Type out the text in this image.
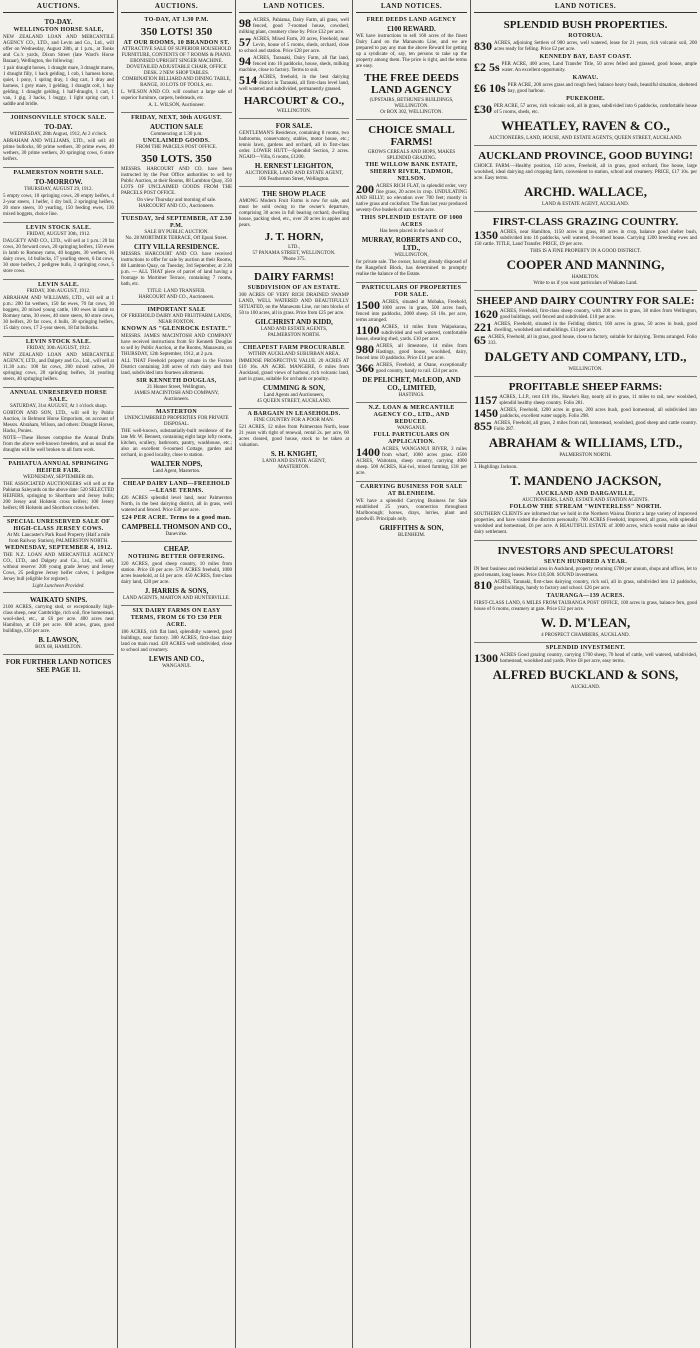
AUCTIONS.
TO-DAY.
WELLINGTON HORSE SALE,
NEW ZEALAND LOAN AND MERCANTILE AGENCY CO., LTD., and Levin and Co., Ltd., will offer on Wednesday, August 28th, at 1 p.m., at Tonks and Co.'s yards, Dixon Street (late Ward's Horse Bazaar), Wellington, the following:
1 pair draught horses, 1 draught mare, 3 draught mares, 1 draught filly, 1 hack gelding, 1 cob, 1 harness horse, quiet, 1 pony, 1 spring dray, 1 dog cart, 1 dray and harness, 1 grey mare, 1 gelding, 1 draught colt, 1 bay gelding, 1 draught gelding, 1 half-draught, 1 cart, 1 van, 1 gig, 3 hacks, 1 buggy, 1 light spring cart, 1 saddle and bridle.
JOHNSONVILLE STOCK SALE.
TO-DAY.
WEDNESDAY, 28th August, 1912, At 2 o'clock.
ABRAHAM AND WILLIAMS, LTD., will sell: 40 prime bullocks, 60 prime wethers, 30 prime ewes, 40 wethers, 30 prime wethers, 20 springing cows, 6 store heifers.
PALMERSTON NORTH SALE.
TO-MORROW.
THURSDAY, AUGUST 29, 1912.
5 empty cows, 10 springing cows, 20 empty heifers, 4 2-year steers, 1 heifer, 1 dry bull, 2 springing heifers, 20 store steers, 10 yearling, 150 feeding ewes, 130 mixed hoggets, choice line.
LEVIN STOCK SALE.
FRIDAY, AUGUST 30th, 1912.
DALGETY AND CO., LTD., will sell at 1 p.m.: 20 fat cows, 20 forward cows, 20 springing heifers, 150 ewes in lamb to Romney rams, 40 hoggets, 30 wethers, 16 dairy cows, 14 bullocks, 17 yearling steers, 6 fat cows, 30 store heifers, 2 pedigree bulls, 3 springing cows, 5 store cows.
LEVIN SALE.
FRIDAY, 30th AUGUST, 1912.
ABRAHAM AND WILLIAMS, LTD., will sell at 1 p.m.: 200 fat wethers, 150 fat ewes, 70 fat cows, 30 hoggets, 20 mixed young cattle, 100 ewes in lamb to Romney rams, 30 ewes, 40 store steers, 60 store cows, 30 heifers, 20 fat cows, 4 bulls, 30 springing heifers, 15 dairy cows, 17 2-year steers, 18 fat bullocks.
LEVIN STOCK SALE.
FRIDAY, 30th AUGUST, 1912.
NEW ZEALAND LOAN AND MERCANTILE AGENCY, LTD., and Dalgety and Co., Ltd., will sell at 11.30 a.m.: 100 fat cows, 200 mixed calves, 20 springing cows, 20 springing heifers, 34 yearling steers, 40 springing heifers.
ANNUAL UNRESERVED HORSE SALE.
SATURDAY, 31st AUGUST, At 1 o'clock sharp.
GORTON AND SON, LTD., will sell by Public Auction, in Belmont Horse Emporium, on account of Messrs. Abraham, Wilson, and others: Draught Horses, Hacks, Ponies.
NOTE—These Horses comprise the Annual Drafts from the above well-known breeders, and as usual the draughts will be well broken to all farm work.
PAHIATUA ANNUAL SPRINGING HEIFER FAIR.
WEDNESDAY, SEPTEMBER 4th.
THE ASSOCIATED AUCTIONEERS will sell at the Pahiatua Saleyards on the above date: 520 SELECTED HEIFERS, springing to Shorthorn and Jersey bulls; 200 Jersey and Holstein cross heifers; 100 Jersey heifers; 80 Holstein and Shorthorn cross heifers.
SPECIAL UNRESERVED SALE OF HIGH-CLASS JERSEY COWS.
At Mr. Lancaster's Park Road Property (Half a mile from Railway Station), PALMERSTON NORTH.
WEDNESDAY, SEPTEMBER 4, 1912.
THE N.Z. LOAN AND MERCANTILE AGENCY CO., LTD., and Dalgety and Co., Ltd., will sell, without reserve: 200 young grade Jersey and Jersey Cows, 25 pedigree Jersey heifer calves, 1 pedigree Jersey bull (eligible for register).
Light Luncheon Provided.
WAIKATO SNIPS.
2100 ACRES, carrying stud, or exceptionally high-class sheep, near Cambridge, rich soil, fine homestead, wool-shed, etc., at £6 per acre. 400 acres near Hamilton, at £18 per acre. 600 acres, grass, good buildings, £16 per acre.
B. LAWSON,
BOX 68, HAMILTON.
FOR FURTHER LAND NOTICES SEE PAGE 11.
AUCTIONS.
TO-DAY, AT 1.30 P.M.
350 LOTS! 350
AT OUR ROOMS, 10 BRANDON ST.
ATTRACTIVE SALE OF SUPERIOR HOUSEHOLD FURNITURE, CONTENTS OF 7 ROOMS & PIANO. EBONISED UPRIGHT SINGER MACHINE.
DOVETAILED ADJUSTABLE CHAIR, OFFICE DESK. 2 NEW SHOP TABLES.
COMBINATION BILLIARD AND DINING TABLE, RANGE, 10 LOTS OF TOOLS, etc.
L. WILSON AND CO. will conduct a large sale of superior furniture, carpets, bedsteads, etc.
A. L. WILSON, Auctioneer.
FRIDAY, NEXT, 30th AUGUST.
AUCTION SALE
Commencing at 1.30 p.m.
UNCLAIMED GOODS.
FROM THE PARCELS POST OFFICE.
350 LOTS. 350
MESSRS. HARCOURT AND CO. have been instructed by the Post Office authorities to sell by Public Auction, at their Rooms, 88 Lambton Quay, 350 LOTS OF UNCLAIMED GOODS FROM THE PARCELS POST OFFICE.
On view Thursday and morning of sale.
HARCOURT AND CO., Auctioneers.
TUESDAY, 3rd SEPTEMBER, AT 2.30 P.M.
SALE BY PUBLIC AUCTION.
No. 28 MORTIMER TERRACE, Off Epuni Street.
CITY VILLA RESIDENCE.
MESSRS. HARCOURT AND CO. have received instructions to offer for sale by auction at their Rooms, 88 Lambton Quay, on Tuesday, 3rd September, at 2.30 p.m. — ALL THAT piece of parcel of land having a frontage to Mortimer Terrace, containing 7 rooms, bath, etc.
TITLE: LAND TRANSFER.
HARCOURT AND CO., Auctioneers.
IMPORTANT SALE
OF FREEHOLD DAIRY AND FRUITFARM LANDS, NEAR FOXTON.
KNOWN AS "GLENROCK ESTATE."
MESSRS. JAMES MACINTOSH AND COMPANY have received instructions from Sir Kenneth Douglas to sell by Public Auction, at the Rooms, Manawatu, on THURSDAY, 12th September, 1912, at 2 p.m.
ALL THAT Freehold property situate in the Foxton District containing 240 acres of rich dairy and fruit land, subdivided into fourteen allotments.
SIR KENNETH DOUGLAS,
21 Hunter Street, Wellington,
JAMES MACINTOSH AND COMPANY, Auctioneers.
MASTERTON
UNENCUMBERED PROPERTIES FOR PRIVATE DISPOSAL.
THE well-known, substantially-built residence of the late Mr. W. Bennett, containing eight large lofty rooms, kitchen, scullery, bathroom, pantry, washhouse, etc.; also an excellent 6-roomed Cottage, garden and orchard, in good locality, close to station.
WALTER NOPS,
Land Agent, Masterton.
CHEAP DAIRY LAND—FREEHOLD—LEASE TERMS.
426 ACRES splendid level land, near Palmerston North, in the best dairying district, all in grass, well watered and fenced. Price £30 per acre.
£24 PER ACRE. Terms to a good man.
CAMPBELL THOMSON AND CO.,
Danevirke.
CHEAP.
NOTHING BETTER OFFERING.
320 ACRES, good sheep country, 10 miles from station. Price £6 per acre. 570 ACRES freehold, 1000 acres leasehold, at £4 per acre. 450 ACRES, first-class dairy land, £20 per acre.
J. HARRIS & SONS,
LAND AGENTS, MARTON AND HUNTERVILLE.
SIX DAIRY FARMS ON EASY TERMS, FROM £6 TO £30 PER ACRE.
186 ACRES, rich flat land, splendidly watered, good buildings, near factory. 300 ACRES, first-class dairy land on main road. 420 ACRES well subdivided, close to school and creamery.
LEWIS AND CO.,
WANGANUI.
LAND NOTICES.
98 ACRES, Pahiatua, Dairy Farm, all grass, well fenced, good 7-roomed house, cowshed, milking plant, creamery close by. Price £32 per acre.
57 ACRES, Mixed Farm, 20 acres, Freehold, near Levin, house of 5 rooms, sheds, orchard, close to school and station. Price £28 per acre.
94 ACRES, Taranaki, Dairy Farm, all flat land, fenced into 16 paddocks, house, sheds, milking machine, close to factory. Terms to suit.
514 ACRES, freehold, in the best dairying district in Taranaki, all first-class level land, well watered and subdivided, permanently grassed.
HARCOURT & CO.,
WELLINGTON.
FOR SALE.
GENTLEMAN'S Residence, containing 8 rooms, two bathrooms, conservatory, stables, motor house, etc.; tennis lawn, gardens and orchard, all in first-class order. LOWER HUTT—Splendid Section, 2 acres. NGAIO—Villa, 6 rooms, £1200.
H. ERNEST LEIGHTON,
AUCTIONEER, LAND AND ESTATE AGENT,
106 Featherston Street, Wellington.
THE SHOW PLACE
AMONG Modern Fruit Farms is now for sale, and must be sold owing to the owner's departure, comprising 30 acres in full bearing orchard, dwelling house, packing shed, etc., over 20 acres in apples and pears.
J. T. HORN,
LTD.,
57 PANAMA STREET, WELLINGTON.
'Phone 375.
DAIRY FARMS!
SUBDIVISION OF AN ESTATE.
300 ACRES OF VERY RICH DRAINED SWAMP LAND, WELL WATERED AND BEAUTIFULLY SITUATED, on the Manawatu Line, cut into blocks of 50 to 100 acres, all in grass. Price from £25 per acre.
GILCHRIST AND KIDD,
LAND AND ESTATE AGENTS,
PALMERSTON NORTH.
CHEAPEST FARM PROCURABLE
WITHIN AUCKLAND SUBURBAN AREA.
IMMENSE PROSPECTIVE VALUE. 20 ACRES AT £10 16s. AN ACRE. MANGERE, 6 miles from Auckland, grand views of harbour, rich volcanic land, part in grass, suitable for orchards or poultry.
CUMMING & SON,
Land Agents and Auctioneers,
45 QUEEN STREET, AUCKLAND.
A BARGAIN IN LEASEHOLDS.
FINE COUNTRY FOR A POOR MAN.
521 ACRES, 12 miles from Palmerston North, lease 21 years with right of renewal, rental 2s. per acre, 60 acres cleared, good house, stock to be taken at valuation.
S. H. KNIGHT,
LAND AND ESTATE AGENT,
MASTERTON.
LAND NOTICES.
FREE DEEDS LAND AGENCY
£100 REWARD.
WE have instructions to sell 160 acres of the finest Dairy Land on the Manawatu Line, and we are prepared to pay any man the above Reward for getting up a syndicate of, say, ten persons to take up the property among them. The price is right, and the terms are easy.
THE FREE DEEDS LAND AGENCY
(UPSTAIRS, BETHUNE'S BUILDINGS, WELLINGTON.
Or BOX 302, WELLINGTON.
CHOICE SMALL FARMS!
GROWS CEREALS AND HOPS, MAKES SPLENDID GRAZING.
THE WILLOW BANK ESTATE, SHERRY RIVER, TADMOR, NELSON.
200 ACRES RICH FLAT, in splendid order, very fine grass, 20 acres in crop. UNDULATING AND HILLY; no elevation over 700 feet; mostly in native grass and cocksfoot. The flats last year produced seventy-five bushels of oats to the acre.
THIS SPLENDID ESTATE OF 1000 ACRES
Has been placed in the hands of
MURRAY, ROBERTS AND CO., LTD.,
WELLINGTON,
for private sale. The owner, having already disposed of the Rangeford Block, has determined to promptly realise the balance of the Estate.
PARTICULARS OF PROPERTIES FOR SALE.
1500 ACRES, situated at Mohaka, Freehold, 1000 acres in grass, 500 acres bush, fenced into paddocks, 2000 sheep. £6 10s. per acre, terms arranged.
1100 ACRES, 14 miles from Waipukurau, subdivided and well watered, comfortable house, shearing shed, yards. £10 per acre.
980 ACRES, all limestone, 14 miles from Hastings, good house, woolshed, dairy, fenced into 10 paddocks. Price £14 per acre.
366 ACRES, Freehold, at Otane, exceptionally good country, handy to rail. £24 per acre.
DE PELICHET, McLEOD, AND CO., LIMITED,
HASTINGS.
N.Z. LOAN & MERCANTILE AGENCY CO., LTD., AND REDUCED.
WANGANUI.
FULL PARTICULARS ON APPLICATION.
1400 ACRES, WANGANUI RIVER, 3 miles from wharf, 1000 acres grass. 4500 ACRES, Waitotara, sheep country, carrying 4000 sheep. 500 ACRES, Kai-iwi, mixed farming, £18 per acre.
CARRYING BUSINESS FOR SALE AT BLENHEIM.
WE have a splendid Carrying Business for Sale established 25 years, connection throughout Marlborough; horses, drays, lorries, plant and goodwill. Principals only.
GRIFFITHS & SON,
BLENHEIM.
LAND NOTICES.
SPLENDID BUSH PROPERTIES.
ROTORUA.
830 ACRES, adjoining Settlers of 900 acres, well watered, lease for 21 years, rich volcanic soil, 200 acres ready for felling. Price £2 per acre.
KENNEDY BAY, EAST COAST.
£2 5s PER ACRE, 400 acres, Land Transfer Title, 50 acres felled and grassed, good house, ample water. An excellent opportunity.
KAWAU.
£6 10s PER ACRE, 200 acres grass and rough feed, balance heavy bush, beautiful situation, sheltered bay, good harbour.
PUKEKOHE.
£30 PER ACRE, 57 acres, rich volcanic soil, all in grass, subdivided into 6 paddocks, comfortable house of 5 rooms, sheds, etc.
WHEATLEY, RAVEN & CO.,
AUCTIONEERS, LAND, HOUSE, AND ESTATE AGENTS, QUEEN STREET, AUCKLAND.
AUCKLAND PROVINCE, GOOD BUYING!
CHOICE FARM.—Healthy position, 150 acres, Freehold, all in grass, good orchard, fine house, large woolshed, ideal dairying and cropping farm, convenient to station, school and creamery. PRICE, £17 10s. per acre. Easy terms.
ARCHD. WALLACE,
LAND & ESTATE AGENT, AUCKLAND.
FIRST-CLASS GRAZING COUNTRY.
1350 ACRES, near Hamilton, 1150 acres in grass, 80 acres in crop, balance good shelter bush, subdivided into 16 paddocks, well watered, 8-roomed house. Carrying 1200 breeding ewes and 150 cattle. TITLE, Land Transfer. PRICE, £9 per acre.
THIS IS A FINE PROPERTY IN A GOOD DISTRICT.
COOPER AND MANNING,
HAMILTON.
Write to us if you want particulars of Waikato Land.
SHEEP AND DAIRY COUNTRY FOR SALE:
1620 ACRES, Freehold, first-class sheep country, with 200 acres in grass, 38 miles from Wellington, good buildings, well fenced and subdivided. £10 per acre.
221 ACRES, Freehold, situated in the Feilding district, 160 acres in grass, 50 acres in bush, good dwelling, woolshed and outbuildings. £14 per acre.
65 ACRES, Freehold, all in grass, good house, close to factory, suitable for dairying. Terms arranged. Folio 333.
DALGETY AND COMPANY, LTD.,
WELLINGTON.
PROFITABLE SHEEP FARMS:
1157 ACRES, L.I.P., rent £19 16s., Hawke's Bay, nearly all in grass, 11 miles to rail, new woolshed, splendid healthy sheep country. Folio 281.
1450 ACRES, Freehold, 1200 acres in grass, 200 acres bush, good homestead, all subdivided into paddocks, excellent water supply. Folio 298.
855 ACRES, Freehold, all grass, 2 miles from rail, homestead, woolshed, good sheep and cattle country. Folio 287.
ABRAHAM & WILLIAMS, LTD.,
PALMERSTON NORTH.
J. Hughlings Jackson.
T. MANDENO JACKSON,
AUCKLAND AND DARGAVILLE,
AUCTIONEERS, LAND, ESTATE AND STATION AGENTS.
FOLLOW THE STREAM "WINTERLESS" NORTH.
SOUTHERN CLIENTS are informed that we hold in the Northern Wairoa District a large variety of improved properties, and have visited the districts personally. 700 ACRES Freehold, improved, all grass, with splendid woolshed and homestead, £6 per acre. A BEAUTIFUL ESTATE of 3000 acres, which would make an ideal dairy settlement.
INVESTORS AND SPECULATORS!
SEVEN HUNDRED A YEAR.
IN best business and residential area in Auckland, property returning £700 per annum, shops and offices, let to good tenants, long leases. Price £10,500. SOUND investment.
810 ACRES, Taranaki, first-class dairying country, rich soil, all in grass, subdivided into 12 paddocks, good buildings, handy to factory and school. £26 per acre.
TAURANGA—139 ACRES.
FIRST-CLASS LAND, 6 MILES FROM TAURANGA POST OFFICE, 100 acres in grass, balance fern, good house of 6 rooms, creamery at gate. Price £12 per acre.
W. D. M'LEAN,
4 PROSPECT CHAMBERS, AUCKLAND.
SPLENDID INVESTMENT.
1300 ACRES Good grazing country, carrying 1700 sheep, 70 head of cattle, well watered, subdivided, homestead, woolshed and yards. Price £8 per acre, easy terms.
ALFRED BUCKLAND & SONS,
AUCKLAND.
